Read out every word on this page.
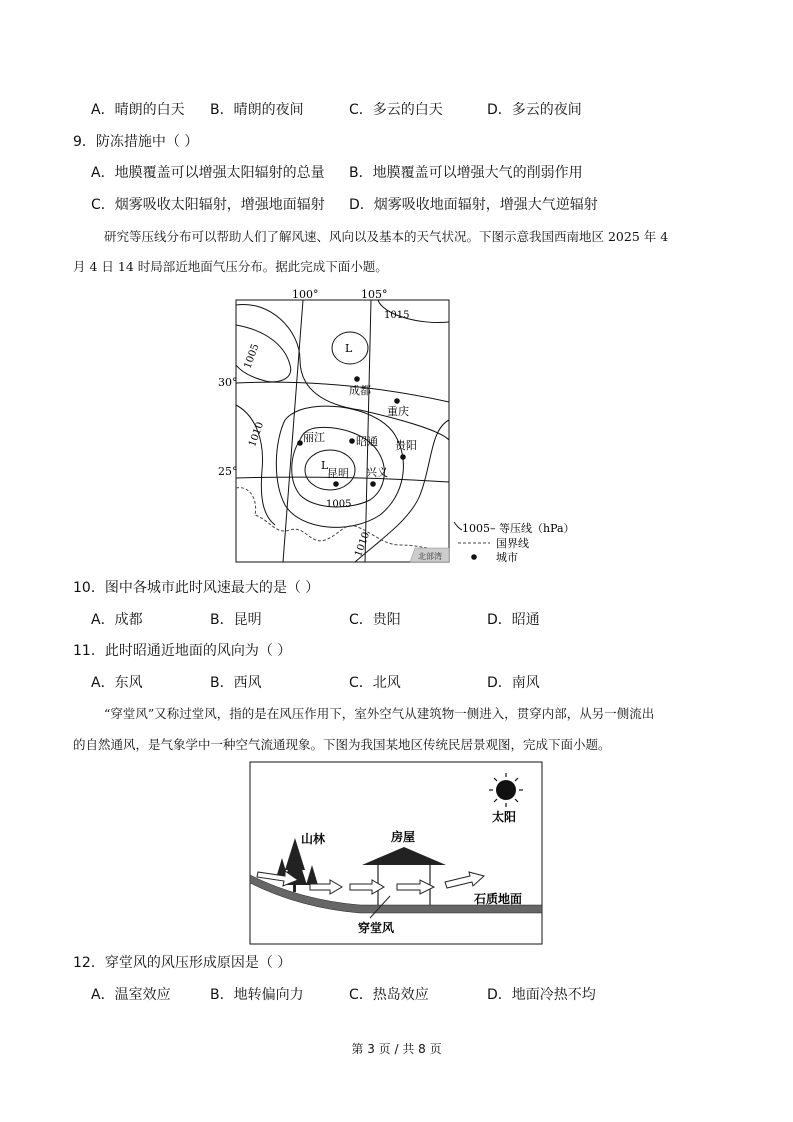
A．晴朗的白天 B．晴朗的夜间	C．多云的白天	D．多云的夜间
9．防冻措施中（ ）
A．地膜覆盖可以增强太阳辐射的总量 B．地膜覆盖可以增强大气的削弱作用
C．烟雾吸收太阳辐射，增强地面辐射 D．烟雾吸收地面辐射，增强大气逆辐射
研究等压线分布可以帮助人们了解风速、风向以及基本的天气状况。下图示意我国西南地区 2025 年 4
月 4 日 14 时局部近地面气压分布。据此完成下面小题。
100°	105°
30°
25°
1015
1005
1010
1005
1010
L
L
成都
重庆
丽江	昭通 贵阳
昆明 兴义
北部湾
1005– 等压线（hPa）
国界线
城市
10．图中各城市此时风速最大的是（ ）
A．成都	B．昆明	C．贵阳	D．昭通
11．此时昭通近地面的风向为（ ）
A．东风	B．西风	C．北风	D．南风
“穿堂风”又称过堂风，指的是在风压作用下，室外空气从建筑物一侧进入，贯穿内部，从另一侧流出
的自然通风，是气象学中一种空气流通现象。下图为我国某地区传统民居景观图，完成下面小题。
太阳
山林	房屋
石质地面
穿堂风
12．穿堂风的风压形成原因是（ ）
A．温室效应	B．地转偏向力	C．热岛效应	D．地面冷热不均
第 3 页 / 共 8 页
